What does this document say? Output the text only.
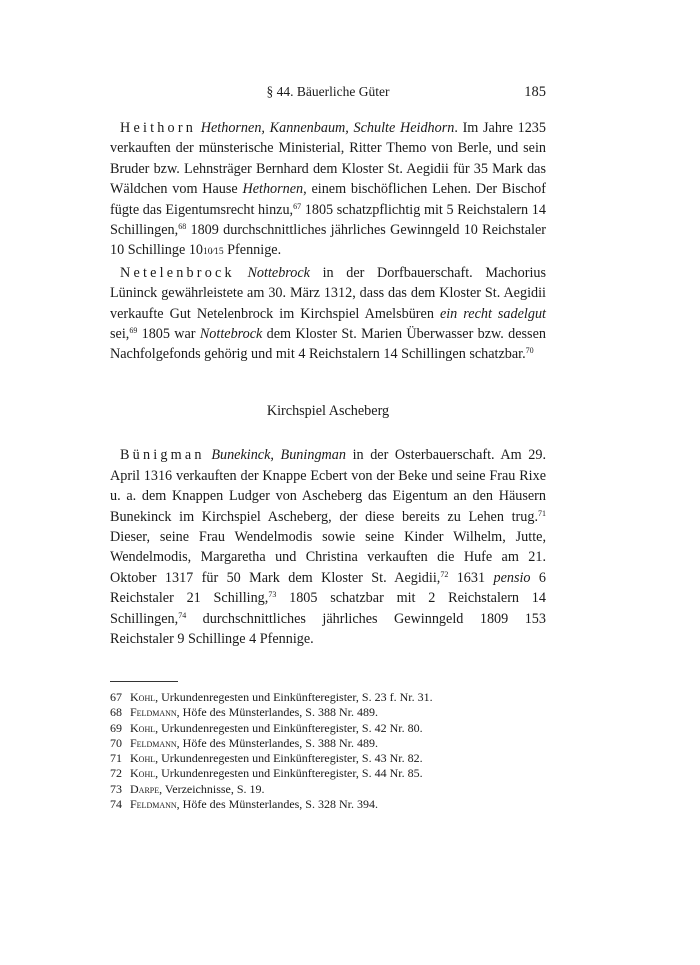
§ 44. Bäuerliche Güter	185

Heithorn Hethornen, Kannenbaum, Schulte Heidhorn. Im Jahre 1235 verkauften der münsterische Ministerial, Ritter Themo von Berle, und sein Bruder bzw. Lehnsträger Bernhard dem Kloster St. Aegidii für 35 Mark das Wäldchen vom Hause Hethornen, einem bischöflichen Lehen. Der Bischof fügte das Eigentumsrecht hinzu,$^{67}$ 1805 schatzpflichtig mit 5 Reichstalern 14 Schillingen,$^{68}$ 1809 durchschnittliches jährliches Gewinngeld 10 Reichstaler 10 Schillinge 1010⁄15 Pfennige.

Netelenbrock Nottebrock in der Dorfbauerschaft. Machorius Lüninck gewährleistete am 30. März 1312, dass das dem Kloster St. Aegidii verkaufte Gut Netelenbrock im Kirchspiel Amelsbüren ein recht sadelgut sei,$^{69}$ 1805 war Nottebrock dem Kloster St. Marien Überwasser bzw. dessen Nachfolgefonds gehörig und mit 4 Reichstalern 14 Schillingen schatzbar.$^{70}$

Kirchspiel Ascheberg

Bünigman Bunekinck, Buningman in der Osterbauerschaft. Am 29. April 1316 verkauften der Knappe Ecbert von der Beke und seine Frau Rixe u. a. dem Knappen Ludger von Ascheberg das Eigentum an den Häusern Bunekinck im Kirchspiel Ascheberg, der diese bereits zu Lehen trug.$^{71}$ Dieser, seine Frau Wendelmodis sowie seine Kinder Wilhelm, Jutte, Wendelmodis, Margaretha und Christina verkauften die Hufe am 21. Oktober 1317 für 50 Mark dem Kloster St. Aegidii,$^{72}$ 1631 pensio 6 Reichstaler 21 Schilling,$^{73}$ 1805 schatzbar mit 2 Reichstalern 14 Schillingen,$^{74}$ durchschnittliches jährliches Gewinngeld 1809 153 Reichstaler 9 Schillinge 4 Pfennige.

67 Kohl, Urkundenregesten und Einkünfteregister, S. 23 f. Nr. 31.
68 Feldmann, Höfe des Münsterlandes, S. 388 Nr. 489.
69 Kohl, Urkundenregesten und Einkünfteregister, S. 42 Nr. 80.
70 Feldmann, Höfe des Münsterlandes, S. 388 Nr. 489.
71 Kohl, Urkundenregesten und Einkünfteregister, S. 43 Nr. 82.
72 Kohl, Urkundenregesten und Einkünfteregister, S. 44 Nr. 85.
73 Darpe, Verzeichnisse, S. 19.
74 Feldmann, Höfe des Münsterlandes, S. 328 Nr. 394.
